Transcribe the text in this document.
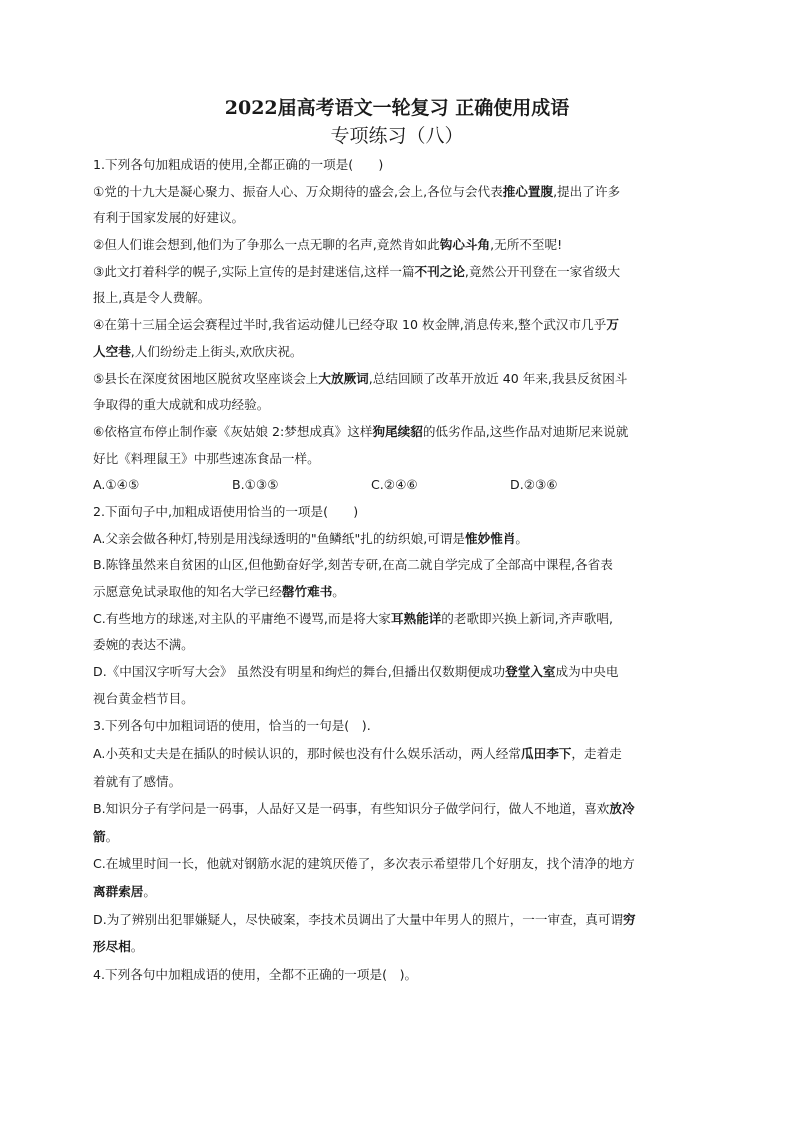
2022届高考语文一轮复习 正确使用成语
专项练习（八）
1.下列各句加粗成语的使用,全都正确的一项是(　　)
①党的十九大是凝心聚力、振奋人心、万众期待的盛会,会上,各位与会代表推心置腹,提出了许多
有利于国家发展的好建议。
②但人们谁会想到,他们为了争那么一点无聊的名声,竟然肯如此钩心斗角,无所不至呢!
③此文打着科学的幌子,实际上宣传的是封建迷信,这样一篇不刊之论,竟然公开刊登在一家省级大
报上,真是令人费解。
④在第十三届全运会赛程过半时,我省运动健儿已经夺取 10 枚金牌,消息传来,整个武汉市几乎万
人空巷,人们纷纷走上街头,欢欣庆祝。
⑤县长在深度贫困地区脱贫攻坚座谈会上大放厥词,总结回顾了改革开放近 40 年来,我县反贫困斗
争取得的重大成就和成功经验。
⑥依格宣布停止制作豪《灰姑娘 2:梦想成真》这样狗尾续貂的低劣作品,这些作品对迪斯尼来说就
好比《料理鼠王》中那些速冻食品一样。
A.①④⑤	B.①③⑤	C.②④⑥	D.②③⑥
2.下面句子中,加粗成语使用恰当的一项是(　　)
A.父亲会做各种灯,特别是用浅绿透明的"鱼鳞纸"扎的纺织娘,可谓是惟妙惟肖。
B.陈锋虽然来自贫困的山区,但他勤奋好学,刻苦专研,在高二就自学完成了全部高中课程,各省表
示愿意免试录取他的知名大学已经罄竹难书。
C.有些地方的球迷,对主队的平庸绝不谩骂,而是将大家耳熟能详的老歌即兴换上新词,齐声歌唱,
委婉的表达不满。
D.《中国汉字听写大会》 虽然没有明星和绚烂的舞台,但播出仅数期便成功登堂入室成为中央电
视台黄金档节目。
3.下列各句中加粗词语的使用，恰当的一句是(　).
A.小英和丈夫是在插队的时候认识的，那时候也没有什么娱乐活动，两人经常瓜田李下，走着走
着就有了感情。
B.知识分子有学问是一码事，人品好又是一码事，有些知识分子做学问行，做人不地道，喜欢放冷
箭。
C.在城里时间一长，他就对钢筋水泥的建筑厌倦了，多次表示希望带几个好朋友，找个清净的地方
离群索居。
D.为了辨别出犯罪嫌疑人，尽快破案，李技术员调出了大量中年男人的照片，一一审查，真可谓穷
形尽相。
4.下列各句中加粗成语的使用，全都不正确的一项是(　)。
